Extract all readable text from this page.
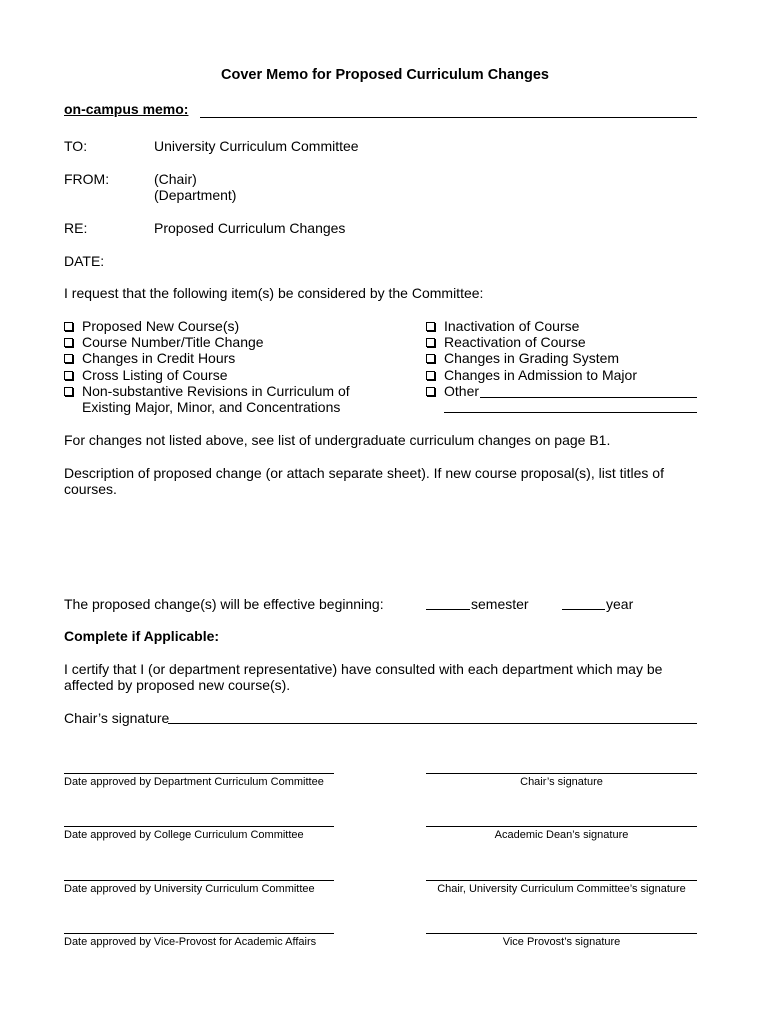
Cover Memo for Proposed Curriculum Changes
on-campus memo:
TO:	University Curriculum Committee
FROM:	(Chair)
(Department)
RE:	Proposed Curriculum Changes
DATE:
I request that the following item(s) be considered by the Committee:
Proposed New Course(s)
Course Number/Title Change
Changes in Credit Hours
Cross Listing of Course
Non-substantive Revisions in Curriculum of
Existing Major, Minor, and Concentrations
Inactivation of Course
Reactivation of Course
Changes in Grading System
Changes in Admission to Major
Other
For changes not listed above, see list of undergraduate curriculum changes on page B1.
Description of proposed change (or attach separate sheet). If new course proposal(s), list titles of
courses.
The proposed change(s) will be effective beginning:	semester	year
Complete if Applicable:
I certify that I (or department representative) have consulted with each department which may be
affected by proposed new course(s).
Chair’s signature
Date approved by Department Curriculum Committee	Chair’s signature
Date approved by College Curriculum Committee	Academic Dean’s signature
Date approved by University Curriculum Committee	Chair, University Curriculum Committee’s signature
Date approved by Vice-Provost for Academic Affairs	Vice Provost’s signature
